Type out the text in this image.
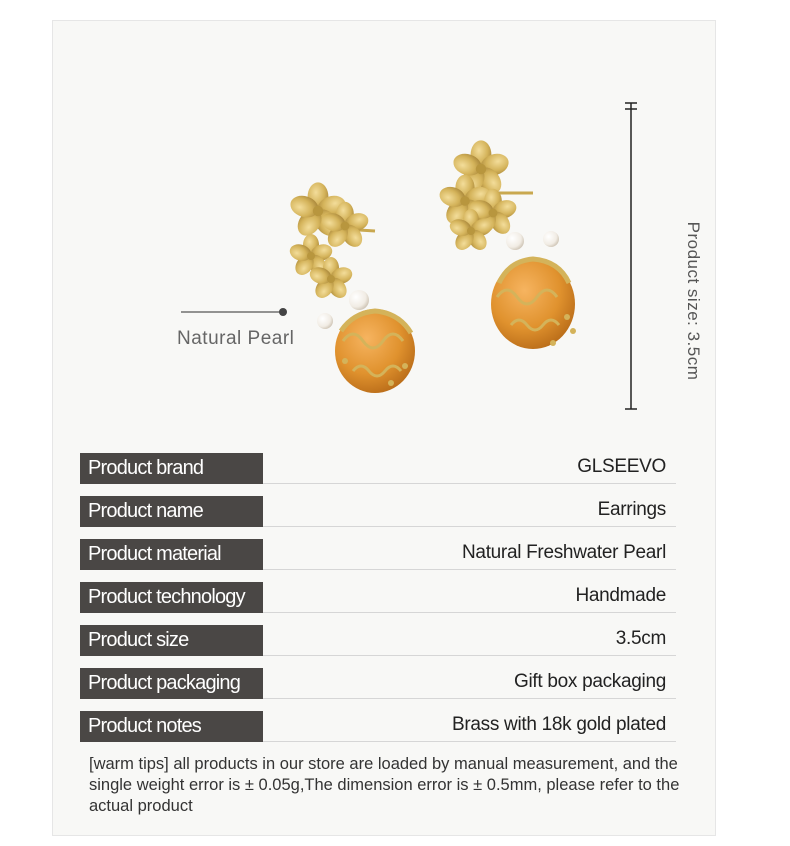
Natural Pearl	Product size: 3.5cm
Product brand	GLSEEVO
Product name	Earrings
Product material	Natural Freshwater Pearl
Product technology	Handmade
Product size	3.5cm
Product packaging	Gift box packaging
Product notes	Brass with 18k gold plated
[warm tips] all products in our store are loaded by manual measurement, and the single weight error is ± 0.05g,The dimension error is ± 0.5mm, please refer to the actual product
